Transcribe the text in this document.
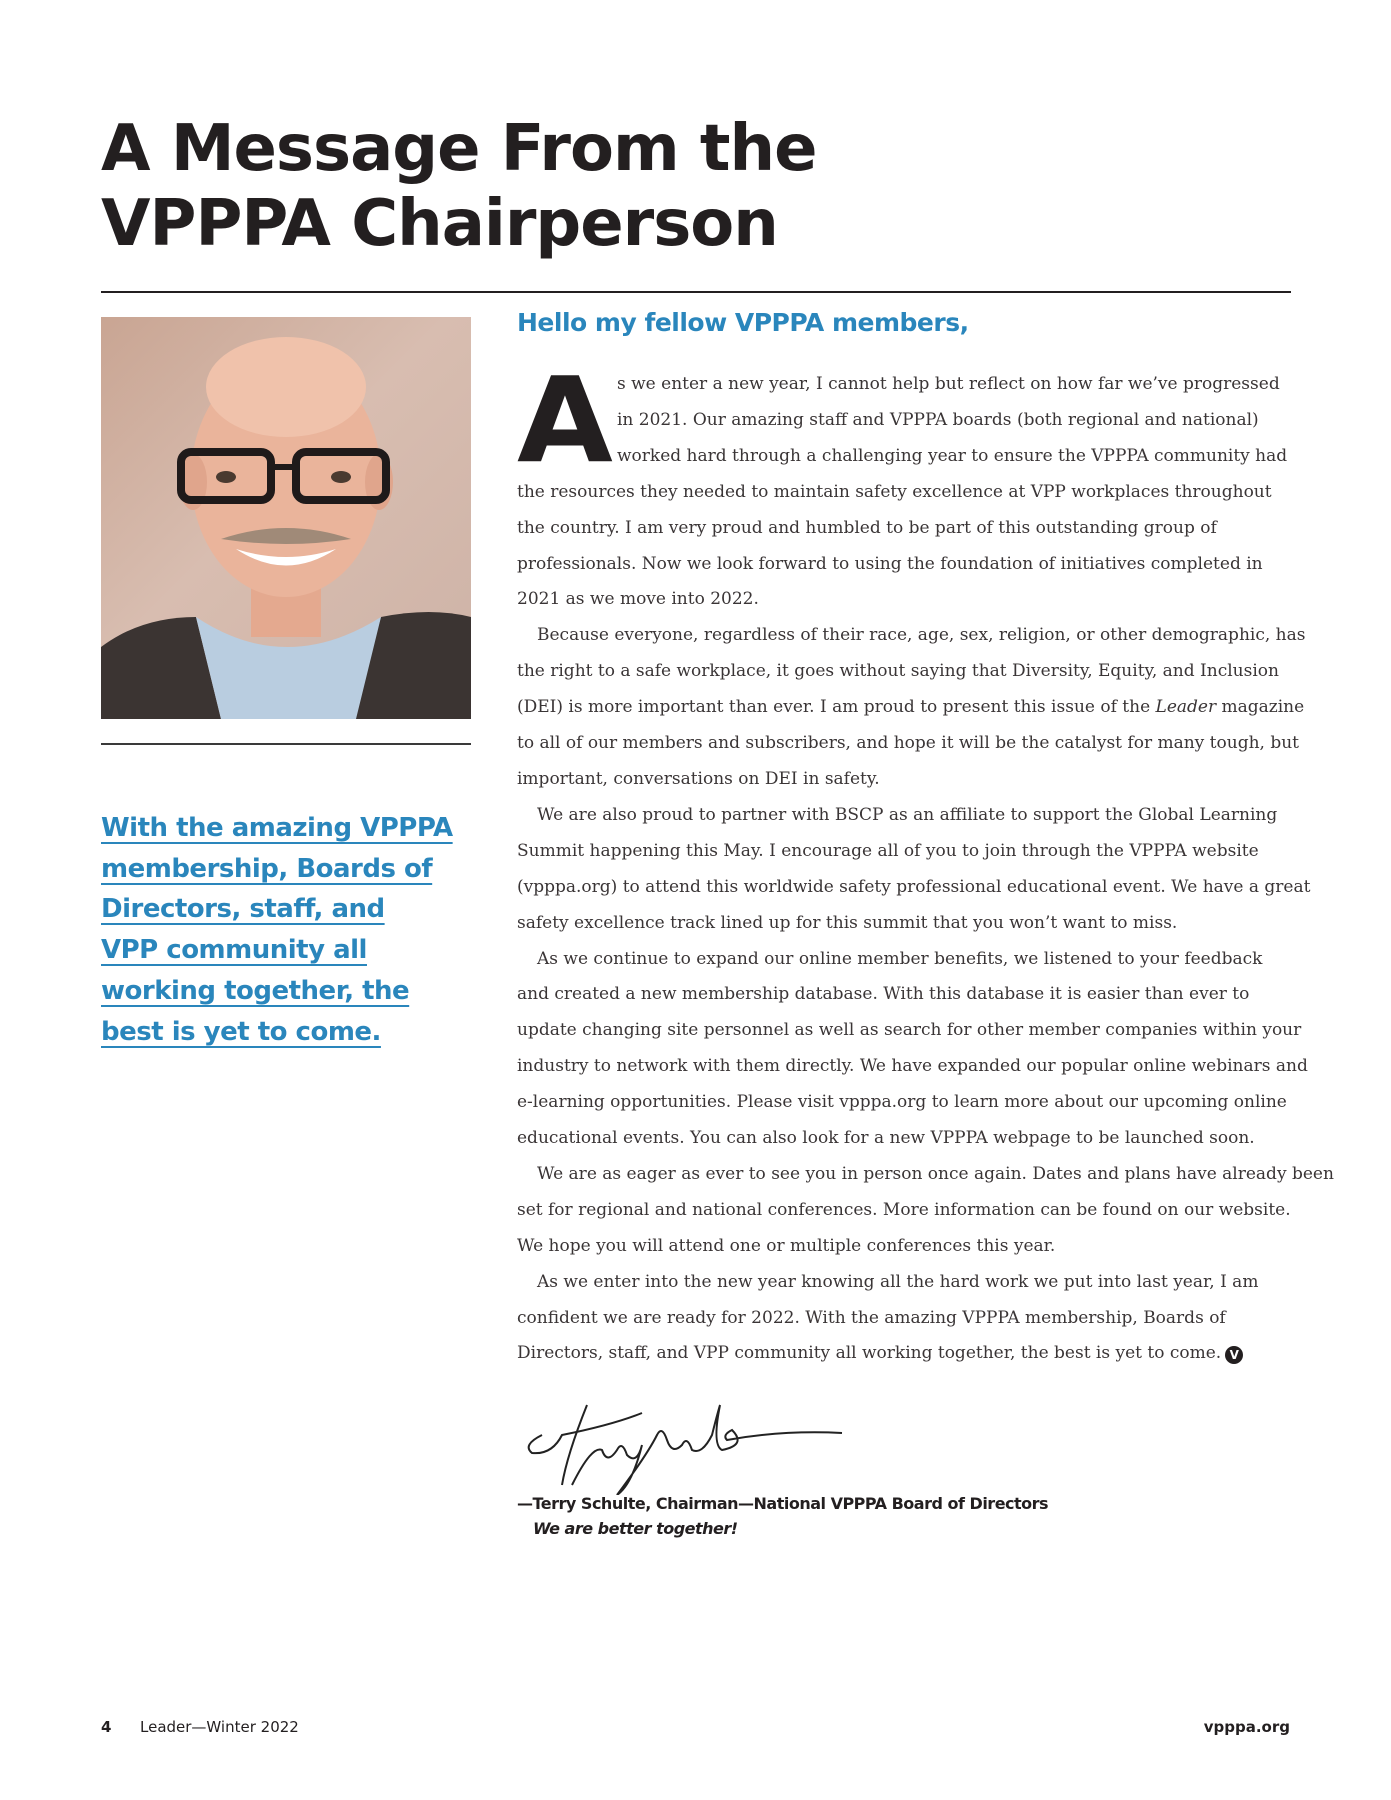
A Message From the
VPPPA Chairperson
With the amazing VPPPA
membership, Boards of
Directors, staff, and
VPP community all
working together, the
best is yet to come.
Hello my fellow VPPPA members,
A s we enter a new year, I cannot help but reflect on how far we’ve progressed
in 2021. Our amazing staff and VPPPA boards (both regional and national)
worked hard through a challenging year to ensure the VPPPA community had
the resources they needed to maintain safety excellence at VPP workplaces throughout
the country. I am very proud and humbled to be part of this outstanding group of
professionals. Now we look forward to using the foundation of initiatives completed in
2021 as we move into 2022.
Because everyone, regardless of their race, age, sex, religion, or other demographic, has
the right to a safe workplace, it goes without saying that Diversity, Equity, and Inclusion
(DEI) is more important than ever. I am proud to present this issue of the Leader magazine
to all of our members and subscribers, and hope it will be the catalyst for many tough, but
important, conversations on DEI in safety.
We are also proud to partner with BSCP as an affiliate to support the Global Learning
Summit happening this May. I encourage all of you to join through the VPPPA website
(vpppa.org) to attend this worldwide safety professional educational event. We have a great
safety excellence track lined up for this summit that you won’t want to miss.
As we continue to expand our online member benefits, we listened to your feedback
and created a new membership database. With this database it is easier than ever to
update changing site personnel as well as search for other member companies within your
industry to network with them directly. We have expanded our popular online webinars and
e-learning opportunities. Please visit vpppa.org to learn more about our upcoming online
educational events. You can also look for a new VPPPA webpage to be launched soon.
We are as eager as ever to see you in person once again. Dates and plans have already been
set for regional and national conferences. More information can be found on our website.
We hope you will attend one or multiple conferences this year.
As we enter into the new year knowing all the hard work we put into last year, I am
confident we are ready for 2022. With the amazing VPPPA membership, Boards of
Directors, staff, and VPP community all working together, the best is yet to come. V
—Terry Schulte, Chairman—National VPPPA Board of Directors
We are better together!
4 Leader—Winter 2022	vpppa.org
